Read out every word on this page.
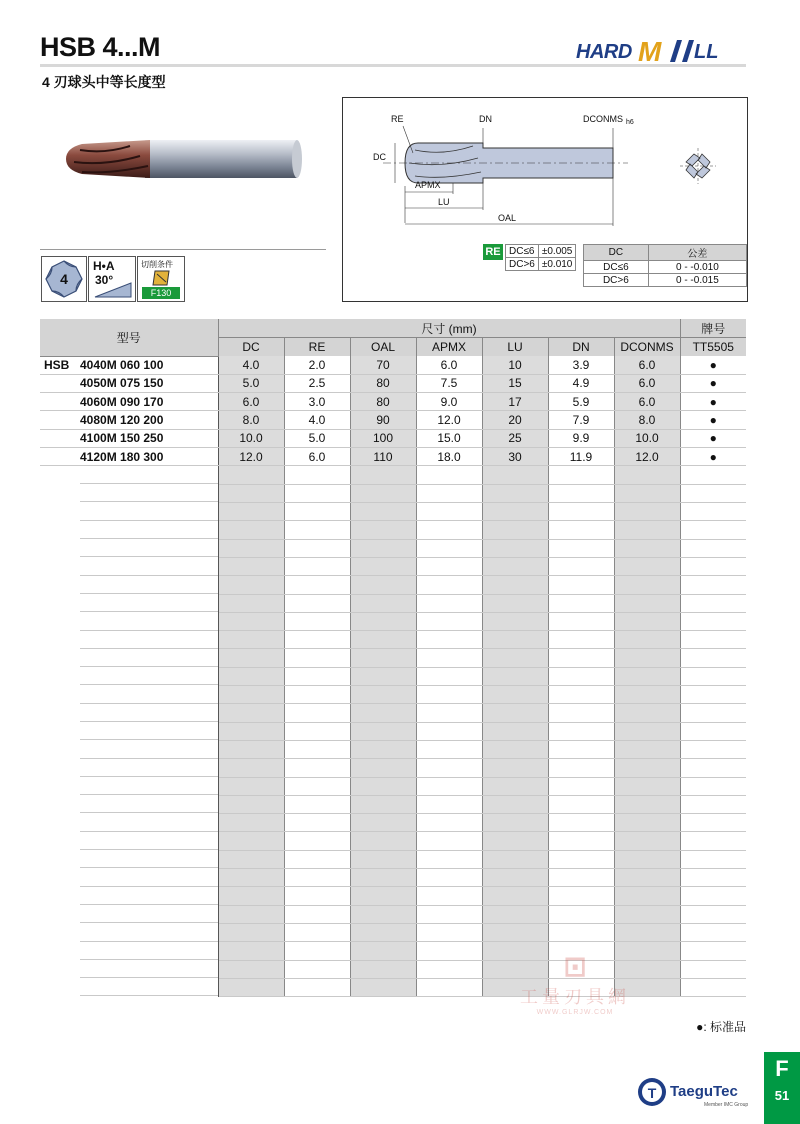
HSB 4...M
4 刃球头中等长度型
HARD M LL
4
H•A
30°
切削条件
F130
DC
RE	DN	DCONMS h6
APMX
LU
OAL
RE DC≤6	±0.005
DC>6	±0.010
DC	公差
DC≤6	0 - -0.010
DC>6	0 - -0.015
型号	尺寸 (mm)							牌号
	DC	RE	OAL	APMX	LU	DN	DCONMS	TT5505
HSB 4040M 060 100	4.0	2.0	70	6.0	10	3.9	6.0	●
4050M 075 150	5.0	2.5	80	7.5	15	4.9	6.0	●
4060M 090 170	6.0	3.0	80	9.0	17	5.9	6.0	●
4080M 120 200	8.0	4.0	90	12.0	20	7.9	8.0	●
4100M 150 250	10.0	5.0	100	15.0	25	9.9	10.0	●
4120M 180 300	12.0	6.0	110	18.0	30	11.9	12.0	●

●: 标准品
⊡
工量刃具網
WWW.GLRJW.COM
T TaeguTec
Member IMC Group
F
51
